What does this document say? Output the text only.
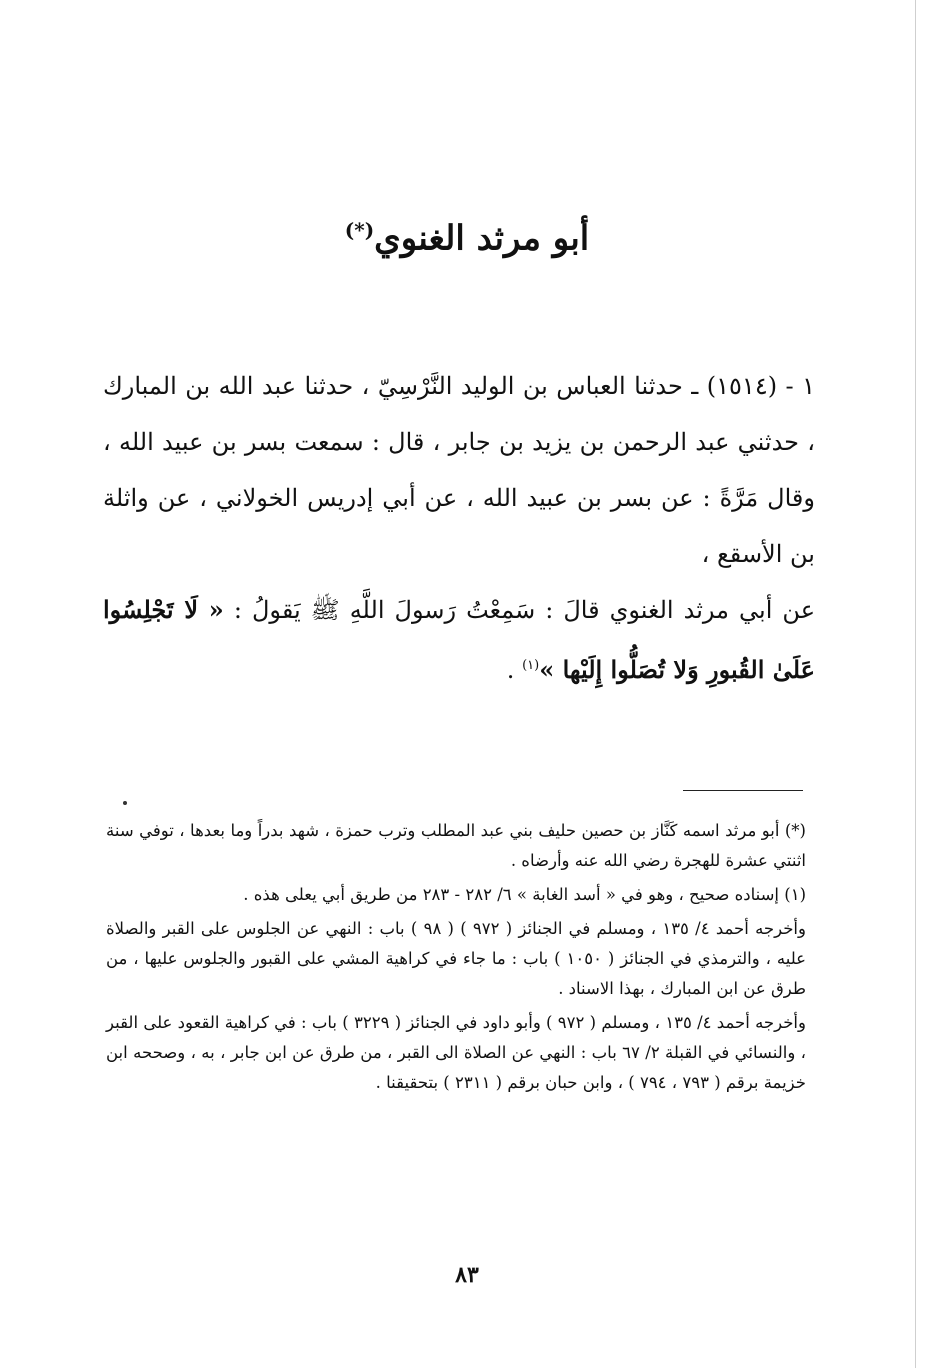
أبو مرثد الغنوي(*)
١ - (١٥١٤) ـ حدثنا العباس بن الوليد النَّرْسِيّ ، حدثنا عبد الله بن المبارك ، حدثني عبد الرحمن بن يزيد بن جابر ، قال : سمعت بسر بن عبيد الله ، وقال مَرَّةً : عن بسر بن عبيد الله ، عن أبي إدريس الخولاني ، عن واثلة بن الأسقع ،
عن أبي مرثد الغنوي قالَ : سَمِعْتُ رَسولَ اللَّهِ ﷺ يَقولُ : « لَا تَجْلِسُوا عَلَىٰ القُبورِ وَلا تُصَلُّوا إِلَيْها »$^{(١)}$ .

(*) أبو مرثد اسمه كَنَّاز بن حصين حليف بني عبد المطلب وترب حمزة ، شهد بدراً وما بعدها ، توفي سنة اثنتي عشرة للهجرة رضي الله عنه وأرضاه .

(١) إسناده صحيح ، وهو في « أسد الغابة » ٦/ ٢٨٢ - ٢٨٣ من طريق أبي يعلى هذه .

وأخرجه أحمد ٤/ ١٣٥ ، ومسلم في الجنائز ( ٩٧٢ ) ( ٩٨ ) باب : النهي عن الجلوس على القبر والصلاة عليه ، والترمذي في الجنائز ( ١٠٥٠ ) باب : ما جاء في كراهية المشي على القبور والجلوس عليها ، من طرق عن ابن المبارك ، بهذا الاسناد .

وأخرجه أحمد ٤/ ١٣٥ ، ومسلم ( ٩٧٢ ) وأبو داود في الجنائز ( ٣٢٢٩ ) باب : في كراهية القعود على القبر ، والنسائي في القبلة ٢/ ٦٧ باب : النهي عن الصلاة الى القبر ، من طرق عن ابن جابر ، به ، وصححه ابن خزيمة برقم ( ٧٩٣ ، ٧٩٤ ) ، وابن حبان برقم ( ٢٣١١ ) بتحقيقنا .

٨٣
